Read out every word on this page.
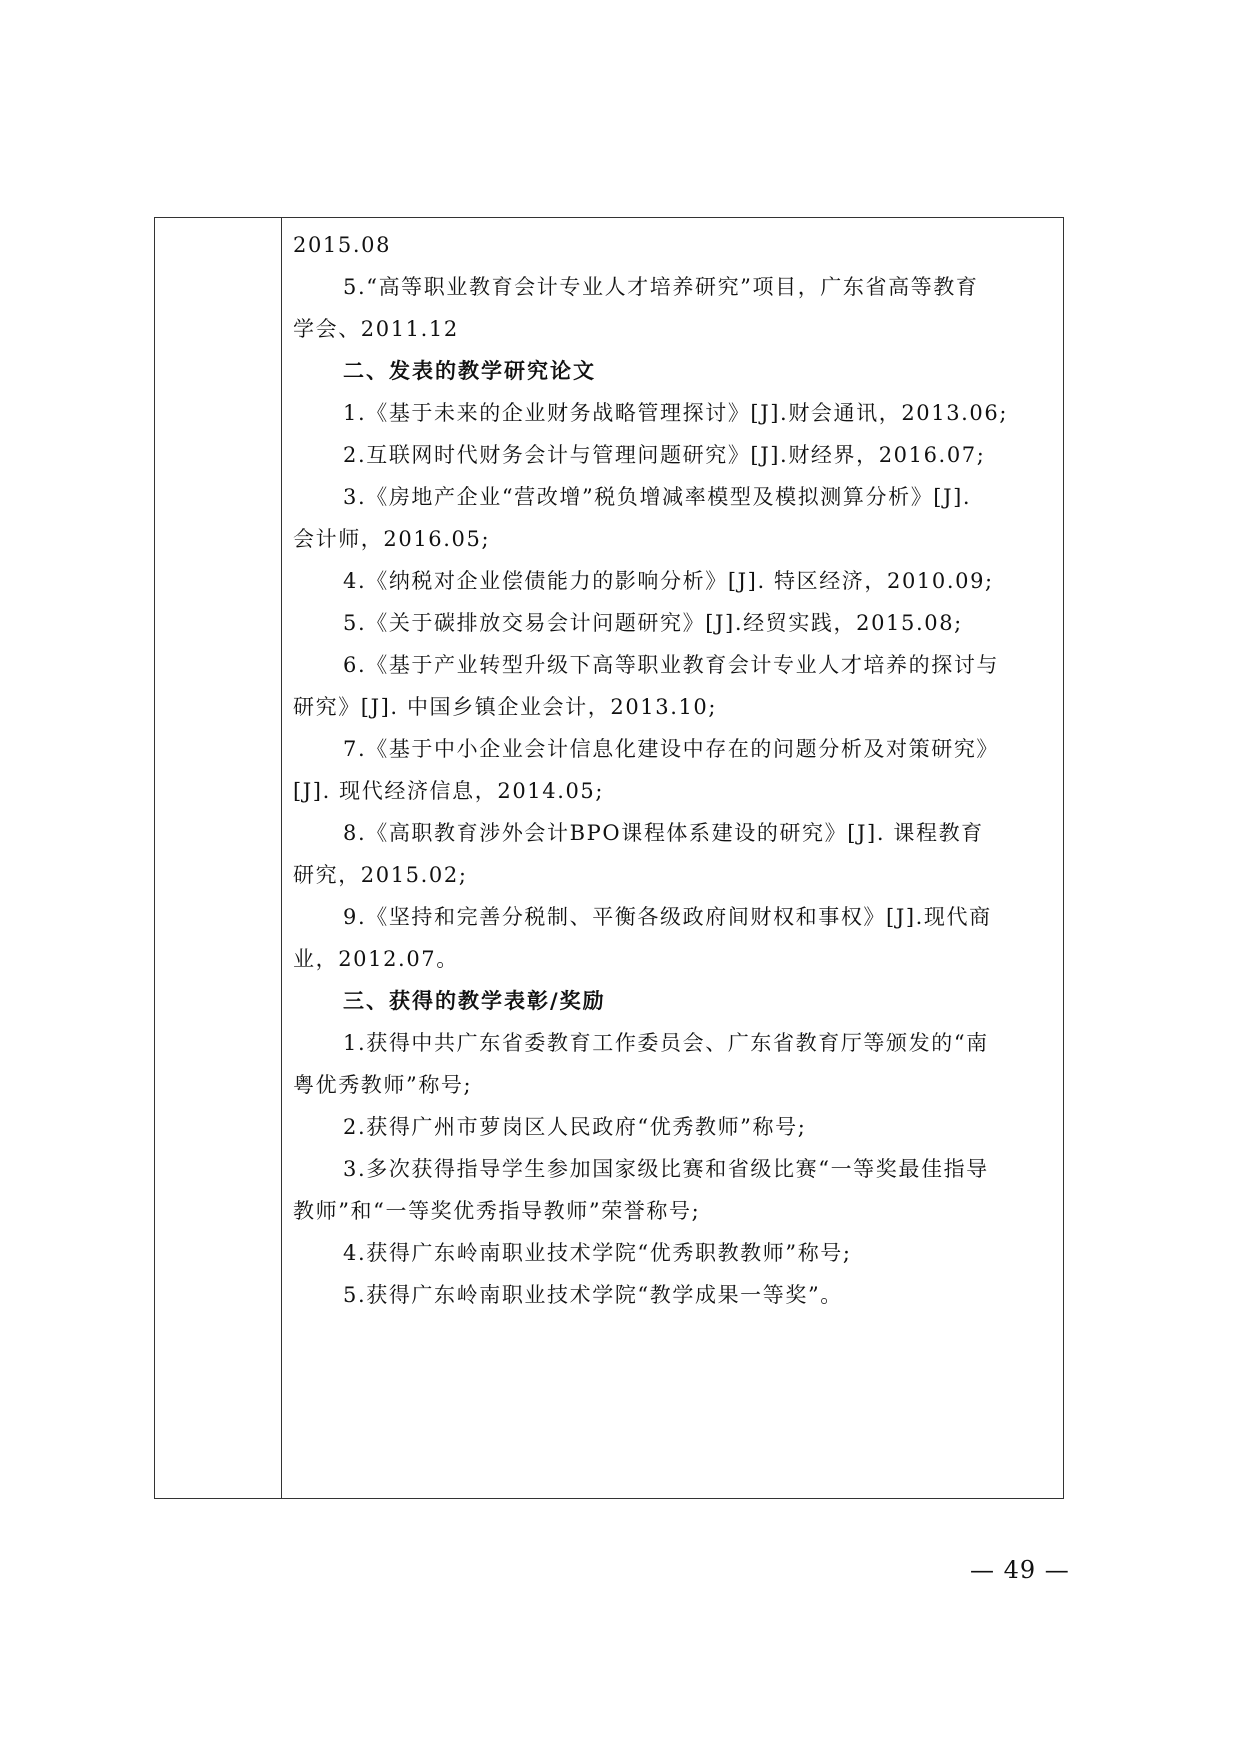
2015.08
5.“高等职业教育会计专业人才培养研究”项目，广东省高等教育
学会、2011.12
二、发表的教学研究论文
1.《基于未来的企业财务战略管理探讨》[J].财会通讯，2013.06;
2.互联网时代财务会计与管理问题研究》[J].财经界，2016.07;
3.《房地产企业“营改增”税负增减率模型及模拟测算分析》[J].
会计师，2016.05;
4.《纳税对企业偿债能力的影响分析》[J]. 特区经济，2010.09;
5.《关于碳排放交易会计问题研究》[J].经贸实践，2015.08;
6.《基于产业转型升级下高等职业教育会计专业人才培养的探讨与
研究》[J]. 中国乡镇企业会计，2013.10;
7.《基于中小企业会计信息化建设中存在的问题分析及对策研究》
[J]. 现代经济信息，2014.05;
8.《高职教育涉外会计BPO课程体系建设的研究》[J]. 课程教育
研究，2015.02;
9.《坚持和完善分税制、平衡各级政府间财权和事权》[J].现代商
业，2012.07。
三、获得的教学表彰/奖励
1.获得中共广东省委教育工作委员会、广东省教育厅等颁发的“南
粤优秀教师”称号;
2.获得广州市萝岗区人民政府“优秀教师”称号;
3.多次获得指导学生参加国家级比赛和省级比赛“一等奖最佳指导
教师”和“一等奖优秀指导教师”荣誉称号;
4.获得广东岭南职业技术学院“优秀职教教师”称号;
5.获得广东岭南职业技术学院“教学成果一等奖”。
— 49 —
